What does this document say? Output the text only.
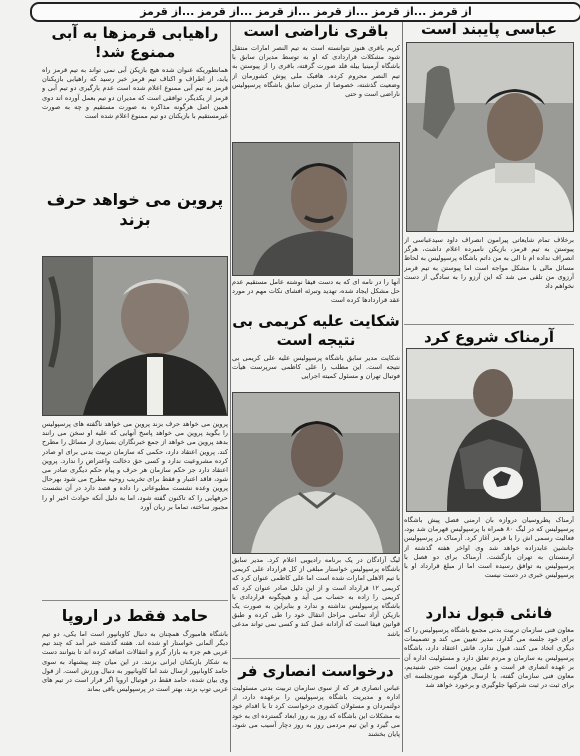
از قرمز ...از قرمز ...از قرمز ...از قرمز ...از قرمز ...از قرمز
عباسی پایبند است
برخلاف تمام شایعاتی پیرامون انصراف داود سیدعباسی از پیوستن به تیم قرمز، بازیکن نامبرده اعلام داشت، هرگز انصراف نداده ام تا الی به من داتم باشگاه پرسپولیس به لحاظ مسائل مالی با مشکل مواجه است اما پیوستن به تیم قرمز آرزوی من تلقی می شد که این آرزو را به سادگی از دست نخواهم داد
آرمناک شروع کرد
آرمناک پطروسیان دروازه بان ارمنی فصل پیش باشگاه پرسپولیس که در لیگ ۸۰ همراه با پرسپولیس قهرمان شد بود، فعالیت رسمی اش را با قرمز آغاز کرد. آرمناک در پرسپولیس جانشین عابدزاده خواهد شد وی اواخر هفته گذشته از ارمنستان به تهران بازگشت. آرمناک برای دو فصل با پرسپولیس به توافق رسیده است اما از مبلغ قرارداد او با پرسپولیس خبری در دست نیست
فانئی قبول ندارد
معاون فنی سازمان تربیت بدنی مجمع باشگاه پرسپولیس را که برای خود جلسه می گذارد، مدیر تعیین می کند و تصمیمات دیگری اتخاذ می کنند، قبول ندارد. فانئی اعتقاد دارد، باشگاه پرسپولیس به سازمان و مردم تعلق دارد و مسئولیت اداره آن بر عهده انصاری فر است و علی پروین است حتی شنیدیم، معاون فنی سازمان گفته، با ارسال هرگونه صورتجلسه ای برای ثبت در ثبت شرکتها جلوگیری و برخورد خواهد شد
باقری ناراضی است
کریم باقری هنوز نتوانسته است به تیم النصر امارات منتقل شود مشکلات قراردادی که او به توسط مدیران سابق با باشگاه آرمینیا بیله فلد صورت گرفته، باقری را از پیوستن به تیم النصر محروم کرده. هافبک ملی پوش کشورمان از وضعیت گذشته، خصوصا از مدیران سابق باشگاه پرسپولیس ناراضی است و حتی
آنها را در نامه ای که به دست فیفا نوشته عامل مستقیم عدم حل مشکل ایجاد شده، تهدید وتبرئه افشای نکات مهم در مورد عقد قراردادها کرده است
شکایت علیه کریمی بی نتیجه است
شکایت مدیر سابق باشگاه پرسپولیس علیه علی کریمی بی نتیجه است. این مطلب را علی کاظمی سرپرست هیأت فوتبال تهران و مسئول کمیته اجرایی
لیگ آزادگان در یک برنامه رادیویی اعلام کرد. مدیر سابق باشگاه پرسپولیس خواستار مبلغی از کل قرارداد علی کریمی با تیم الاهلی امارات شده است اما علی کاظمی عنوان کرد که کریمی ۱۲ قرارداد است و از این دلیل صادر عنوان کرد که کریمی را زاده به حساب می آید و هیچگونه قراردادی با باشگاه پرسپولیس نداشته و ندارد و بنابراین به صورت یک بازیکن آزاد تمامی مراحل انتقال خود را طی کرده و طبق قوانین فیفا است که آزادانه عمل کند و کسی نمی تواند مدعی باشد
درخواست انصاری فر
عباس انصاری فر که از سوی سازمان تربیت بدنی مسئولیت اداره و مدیریت باشگاه پرسپولیس را برعهده دارد، از دولتمردان و مسئولان کشوری درخواست کرد تا با اقدام خود به مشکلات این باشگاه که روز به روز ابعاد گسترده ای به خود می گیرد و این تیم مردمی روز به روز دچار آسیب می شود، پایان بخشند
راهیابی قرمزها به آبی ممنوع شد!
همانطوریکه عنوان شده هیچ بازیکن آبی نمی تواند به تیم قرمز راه یابد، از اطراف و اکناف تیم قرمز خبر رسید که راهیابی بازیکنان قرمز به تیم آبی ممنوع اعلام شده است عدم بارگیری دو تیم آبی و قرمز از یکدیگر، توافقی است که مدیران دو تیم بعمل آورده اند دوی همین اصل هرگونه مذاکره به صورت مستقیم و چه به صورت غیرمستقیم با بازیکنان دو تیم ممنوع اعلام شده است
پروین می خواهد حرف بزند
پروین می خواهد حرف بزند پروین می خواهد ناگفته های پرسپولیس را بگوید پروین می خواهد پاسخ آنهایی که علیه او سخن می رانند بدهد پروین می خواهد از جمع خبرنگاران بسیاری از مسائل را مطرح کند. پروین اعتقاد دارد، حکمی که سازمان تربیت بدنی برای او صادر کرده مشروعیت ندارد و کسی حق دخالت واعتراض را ندارد. پروین اعتقاد دارد جز حکم سازمان هر حرف و پیام حکم دیگری صادر می شود، فاقد اعتبار و فقط برای تخریب روحیه مطرح می شود بهرحال پروین وعده نشست مطبوعاتی را داده و قصد دارد در آن نشست حرفهایی را که تاکنون گفته شود، اما به دلیل آنکه حوادث اخیر او را مجبور ساخته، تماما بر زبان آورد
حامد فقط در اروپا
باشگاه هامبورگ همچنان به دنبال کاوبانپور است اما یکی، دو تیم دیگر آلمانی خواستار او شده اند. هفته گذشته خبر آمد که چند تیم عربی هم جزء به بازار گرم و انتقالات اضافه کرده اند تا بتوانند دست به شکار بازیکنان ایرانی بزنند. در این میان چند پیشنهاد به سوی حامد کاوبانپور ارسال شد اما کاوبانپور به دنبال ورزش است. از قول وی بیان شده، حامد فقط در فوتبال اروپا اگر قرار است در تیم های عربی توپ بزند، بهتر است در پرسپولیس باقی بماند
